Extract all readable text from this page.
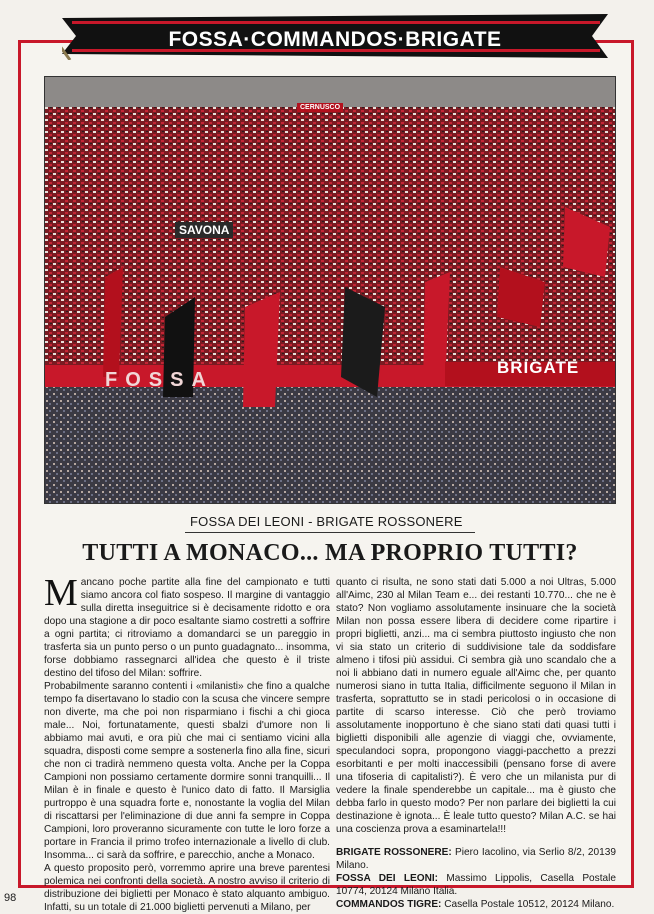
FOSSA·COMMANDOS·BRIGATE
CERNUSCO
SAVONA
FOSSA
BRIGATE
FOSSA DEI LEONI - BRIGATE ROSSONERE
TUTTI A MONACO... MA PROPRIO TUTTI?

Mancano poche partite alla fine del campionato e tutti siamo ancora col fiato sospeso. Il margine di vantaggio sulla diretta inseguitrice si è decisamente ridotto e ora dopo una stagione a dir poco esaltante siamo costretti a soffrire a ogni partita; ci ritroviamo a domandarci se un pareggio in trasferta sia un punto perso o un punto guadagnato... insomma, forse dobbiamo rassegnarci all'idea che questo è il triste destino del tifoso del Milan: soffrire.

Probabilmente saranno contenti i «milanisti» che fino a qualche tempo fa disertavano lo stadio con la scusa che vincere sempre non diverte, ma che poi non risparmiano i fischi a chi gioca male... Noi, fortunatamente, questi sbalzi d'umore non li abbiamo mai avuti, e ora più che mai ci sentiamo vicini alla squadra, disposti come sempre a sostenerla fino alla fine, sicuri che non ci tradirà nemmeno questa volta. Anche per la Coppa Campioni non possiamo certamente dormire sonni tranquilli... Il Milan è in finale e questo è l'unico dato di fatto. Il Marsiglia purtroppo è una squadra forte e, nonostante la voglia del Milan di riscattarsi per l'eliminazione di due anni fa sempre in Coppa Campioni, loro proveranno sicuramente con tutte le loro forze a portare in Francia il primo trofeo internazionale a livello di club. Insomma... ci sarà da soffrire, e parecchio, anche a Monaco.

A questo proposito però, vorremmo aprire una breve parentesi polemica nei confronti della società. A nostro avviso il criterio di distribuzione dei biglietti per Monaco è stato alquanto ambiguo. Infatti, su un totale di 21.000 biglietti pervenuti a Milano, per

quanto ci risulta, ne sono stati dati 5.000 a noi Ultras, 5.000 all'Aimc, 230 al Milan Team e... dei restanti 10.770... che ne è stato? Non vogliamo assolutamente insinuare che la società Milan non possa essere libera di decidere come ripartire i propri biglietti, anzi... ma ci sembra piuttosto ingiusto che non vi sia stato un criterio di suddivisione tale da soddisfare almeno i tifosi più assidui. Ci sembra già uno scandalo che a noi li abbiano dati in numero eguale all'Aimc che, per quanto numerosi siano in tutta Italia, difficilmente seguono il Milan in trasferta, soprattutto se in stadi pericolosi o in occasione di partite di scarso interesse. Ciò che però troviamo assolutamente inopportuno è che siano stati dati quasi tutti i biglietti disponibili alle agenzie di viaggi che, ovviamente, speculandoci sopra, propongono viaggi-pacchetto a prezzi esorbitanti e per molti inaccessibili (pensano forse di avere una tifoseria di capitalisti?). È vero che un milanista pur di vedere la finale spenderebbe un capitale... ma è giusto che debba farlo in questo modo? Per non parlare dei biglietti la cui destinazione è ignota... È leale tutto questo? Milan A.C. se hai una coscienza prova a esaminartela!!!

BRIGATE ROSSONERE: Piero Iacolino, via Serlio 8/2, 20139 Milano.

FOSSA DEI LEONI: Massimo Lippolis, Casella Postale 10774, 20124 Milano Italia.

COMMANDOS TIGRE: Casella Postale 10512, 20124 Milano.

98
